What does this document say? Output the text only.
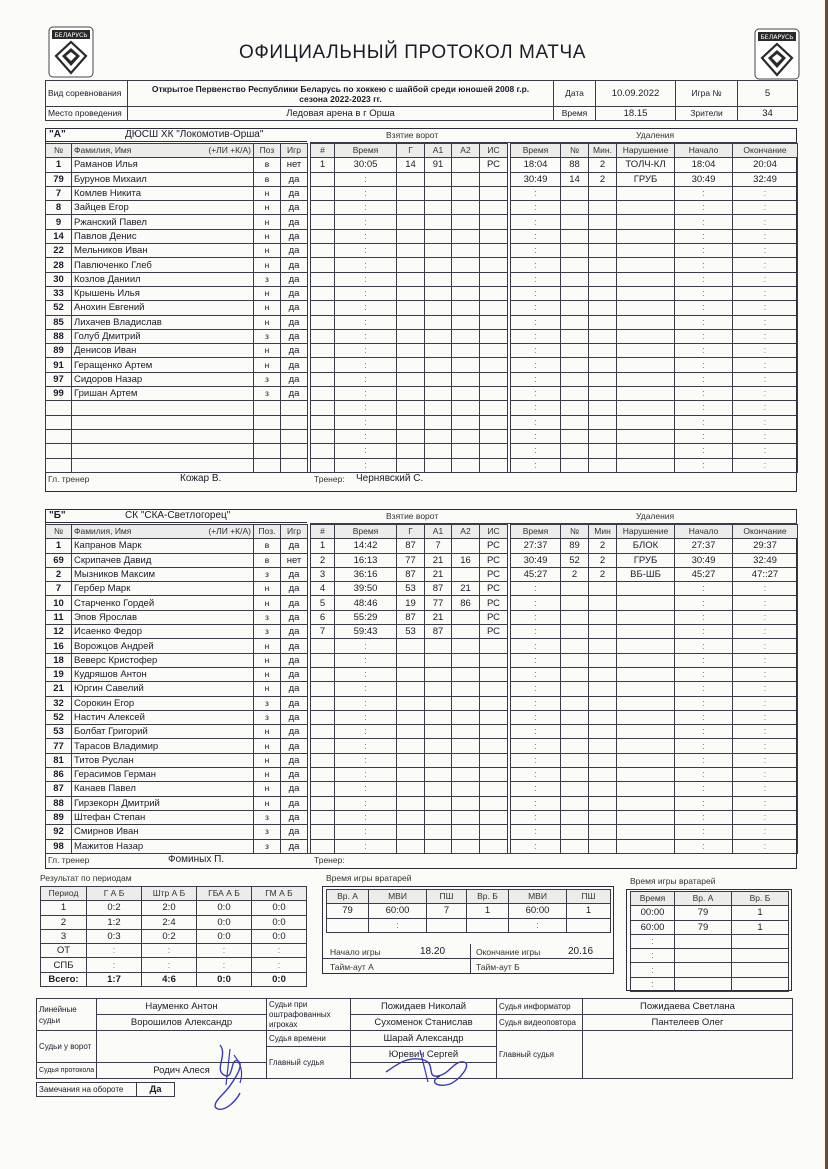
БЕЛАРУСЬ	БЕЛАРУСЬ
ОФИЦИАЛЬНЫЙ ПРОТОКОЛ МАТЧА
Вид соревнования	Открытое Первенство Республики Беларусь по хоккею с шайбой среди юношей 2008 г.р.
сезона 2022-2023 гг.	Дата	10.09.2022	Игра №	5
Место проведения	Ледовая арена в г Орша	Время	18.15	Зрители	34
"А"	ДЮСШ ХК "Локомотив-Орша"	Взятие ворот	Удаления
№	Фамилия, Имя (+ЛИ +К/А)	Поз	Игр
1	Раманов Илья	в	нет
79	Бурунов Михаил	в	да
7	Комлев Никита	н	да
8	Зайцев Егор	н	да
9	Ржанский Павел	н	да
14	Павлов Денис	н	да
22	Мельников Иван	н	да
28	Павлюченко Глеб	н	да
30	Козлов Даниил	з	да
33	Крышень Илья	н	да
52	Анохин Евгений	н	да
85	Лихачев Владислав	н	да
88	Голуб Дмитрий	з	да
89	Денисов Иван	н	да
91	Геращенко Артем	н	да
97	Сидоров Назар	з	да
99	Гришан Артем	з	да

#	Время	Г	А1	А2	ИС
1	30:05	14	91		РС
	:				
	:				
	:				
	:				
	:				
	:				
	:				
	:				
	:				
	:				
	:				
	:				
	:				
	:				
	:				
	:				
	:				
	:				
	:				
	:				
	:				
Время	№	Мин.	Нарушение	Начало	Окончание
18:04	88	2	ТОЛЧ-КЛ	18:04	20:04
30:49	14	2	ГРУБ	30:49	32:49
:				:	:
:				:	:
:				:	:
:				:	:
:				:	:
:				:	:
:				:	:
:				:	:
:				:	:
:				:	:
:				:	:
:				:	:
:				:	:
:				:	:
:				:	:
:				:	:
:				:	:
:				:	:
:				:	:
:				:	:
Гл. тренер	Кожар В.	Тренер: Чернявский С.
"Б"	СК "СКА-Светлогорец"	Взятие ворот	Удаления
№	Фамилия, Имя (+ЛИ +К/А)	Поз.	Игр
1	Капранов Марк	в	да
69	Скрипачев Давид	в	нет
2	Мызников Максим	з	да
7	Гербер Марк	н	да
10	Старченко Гордей	н	да
11	Эпов Ярослав	з	да
12	Исаенко Федор	з	да
16	Ворожцов Андрей	н	да
18	Веверс Кристофер	н	да
19	Кудряшов Антон	н	да
21	Юргин Савелий	н	да
32	Сорокин Егор	з	да
52	Настич Алексей	з	да
53	Болбат Григорий	н	да
77	Тарасов Владимир	н	да
81	Титов Руслан	н	да
86	Герасимов Герман	н	да
87	Канаев Павел	н	да
88	Гирзекорн Дмитрий	н	да
89	Штефан Степан	з	да
92	Смирнов Иван	з	да
98	Мажитов Назар	з	да
#	Время	Г	А1	А2	ИС
1	14:42	87	7		РС
2	16:13	77	21	16	РС
3	36:16	87	21		РС
4	39:50	53	87	21	РС
5	48:46	19	77	86	РС
6	55:29	87	21		РС
7	59:43	53	87		РС
	:				
	:				
	:				
	:				
	:				
	:				
	:				
	:				
	:				
	:				
	:				
	:				
	:				
	:				
	:				
Время	№	Мин	Нарушение	Начало	Окончание
27:37	89	2	БЛОК	27:37	29:37
30:49	52	2	ГРУБ	30:49	32:49
45:27	2	2	ВБ-ШБ	45:27	47::27
:				:	:
:				:	:
:				:	:
:				:	:
:				:	:
:				:	:
:				:	:
:				:	:
:				:	:
:				:	:
:				:	:
:				:	:
:				:	:
:				:	:
:				:	:
:				:	:
:				:	:
:				:	:
:				:	:
Гл. тренер	Фоминых П.	Тренер:
Результат по периодам
Период	Г А Б	Штр А Б	ГБА А Б	ГМ А Б
1	0:2	2:0	0:0	0:0
2	1:2	2:4	0:0	0:0
3	0:3	0:2	0:0	0:0
ОТ	:	:	:	:
СПБ	:	:	:	:
Всего:	1:7	4:6	0:0	0:0
Время игры вратарей
Вр. А	МВИ	ПШ	Вр. Б	МВИ	ПШ
79	60:00	7	1	60:00	1
	:			:	
Начало игры	18.20	Окончание игры	20.16
Тайм-аут А	Тайм-аут Б
Время игры вратарей
Время	Вр. А	Вр. Б
00:00	79	1
60:00	79	1
:		
:		
:		
:		
Линейные судьи	Науменко Антон	Судьи при оштрафованных игроках	Пожидаев Николай	Судья информатор	Пожидаева Светлана
	Ворошилов Александр		Сухоменок Станислав	Судья видеоповтора	Пантелеев Олег
Судьи у ворот		Судья времени	Шарай Александр	Главный судья	
		Главный судья	Юревич Сергей		
Судья протокола	Родич Алеся				
Замечания на обороте	Да
